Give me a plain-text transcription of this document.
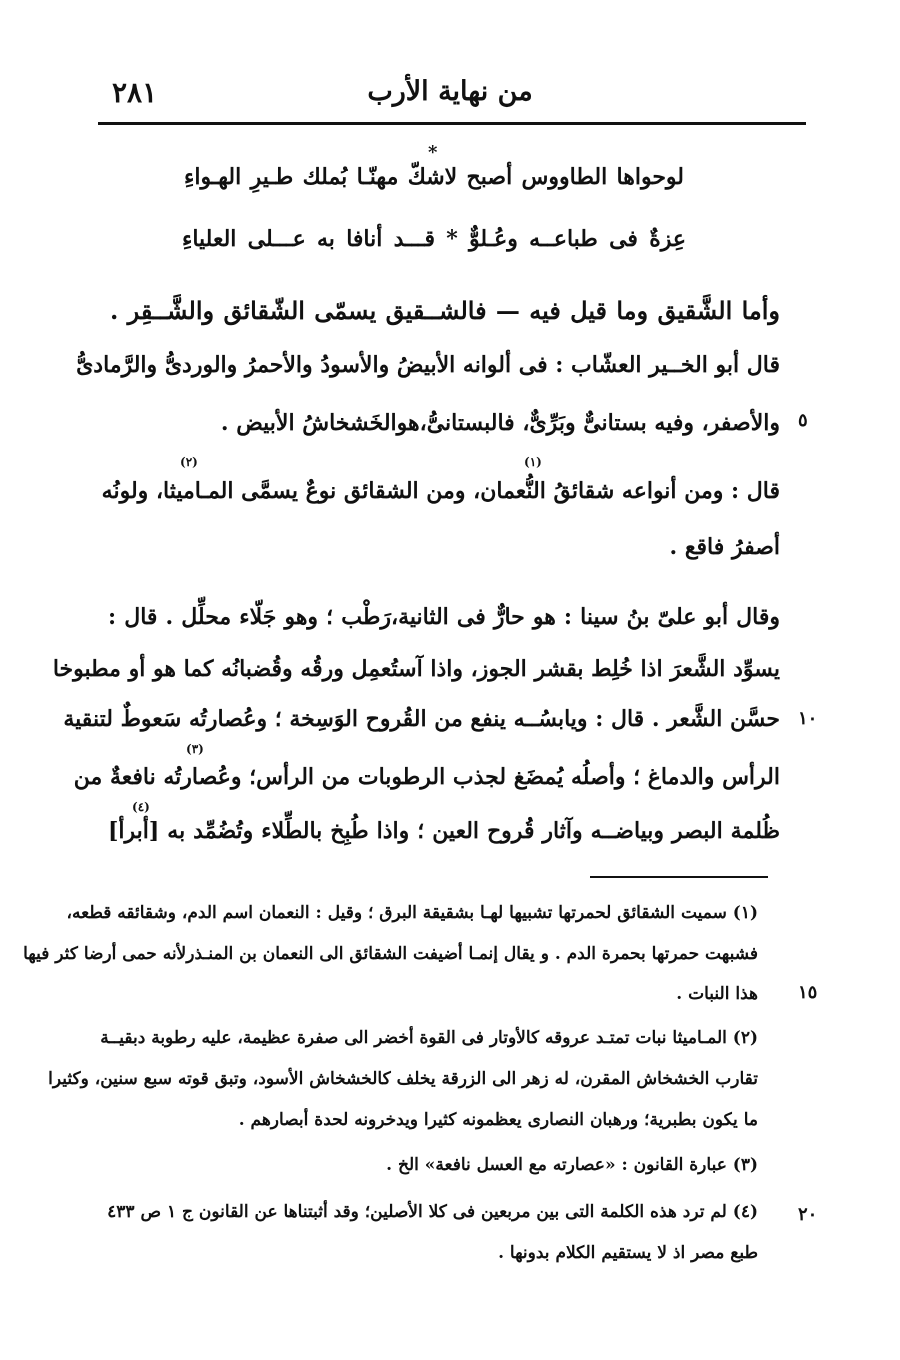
من نهاية الأرب
٢٨١
*
لوحواها الطاووس أصبح لاشكّ مهنّـا بُملك طـيرِ الهـواءِ
عِزةٌ فى طباعــه وعُـلوٌّ * قـــد أنافا به عـــلى العلياءِ
وأما الشَّقيق وما قيل فيه — فالشــقيق يسمّى الشّقائق والشَّــقِر .
قال أبو الخــير العشّاب : فى ألوانه الأبيضُ والأسودُ والأحمرُ والوردىُّ والرَّمادىُّ
والأصفر، وفيه بستانىٌّ وبَرِّىٌّ، فالبستانىُّ،هوالخَشخاشُ الأبيض . ٥
(١)
(٢)
قال : ومن أنواعه شقائقُ النُّعمان، ومن الشقائق نوعٌ يسمَّى المـاميثا، ولونُه
أصفرُ فاقع .
وقال أبو علىّ بنُ سينا : هو حارٌّ فى الثانية،رَطْب ؛ وهو جَلّاء محلِّل . قال :
يسوِّد الشَّعرَ اذا خُلِط بقشر الجوز، واذا آستُعمِل ورقُه وقُضبانُه كما هو أو مطبوخا
حسَّن الشَّعر . قال : ويابسُــه ينفع من القُروح الوَسِخة ؛ وعُصارتُه سَعوطٌ لتنقية ١٠
(٣)
الرأس والدماغ ؛ وأصلُه يُمضَغ لجذب الرطوبات من الرأس؛ وعُصارتُه نافعةٌ من
(٤)
ظُلمة البصر وبياضــه وآثار قُروح العين ؛ واذا طُبِخ بالطِّلاء وتُضُمِّد به [أبرأ]
(١) سميت الشقائق لحمرتها تشبيها لهـا بشقيقة البرق ؛ وقيل : النعمان اسم الدم، وشقائقه قطعه،
فشبهت حمرتها بحمرة الدم . و يقال إنمـا أضيفت الشقائق الى النعمان بن المنـذرلأنه حمى أرضا كثر فيها
هذا النبات . ١٥
(٢) المـاميثا نبات تمتـد عروقه كالأوتار فى القوة أخضر الى صفرة عظيمة، عليه رطوبة دبقيــة
تقارب الخشخاش المقرن، له زهر الى الزرقة يخلف كالخشخاش الأسود، وتبق قوته سبع سنين، وكثيرا
ما يكون بطبرية؛ ورهبان النصارى يعظمونه كثيرا ويدخرونه لحدة أبصارهم .
(٣) عبارة القانون : «عصارته مع العسل نافعة» الخ .
(٤) لم ترد هذه الكلمة التى بين مربعين فى كلا الأصلين؛ وقد أثبتناها عن القانون ج ١ ص ٤٣٣ ٢٠
طبع مصر اذ لا يستقيم الكلام بدونها .
